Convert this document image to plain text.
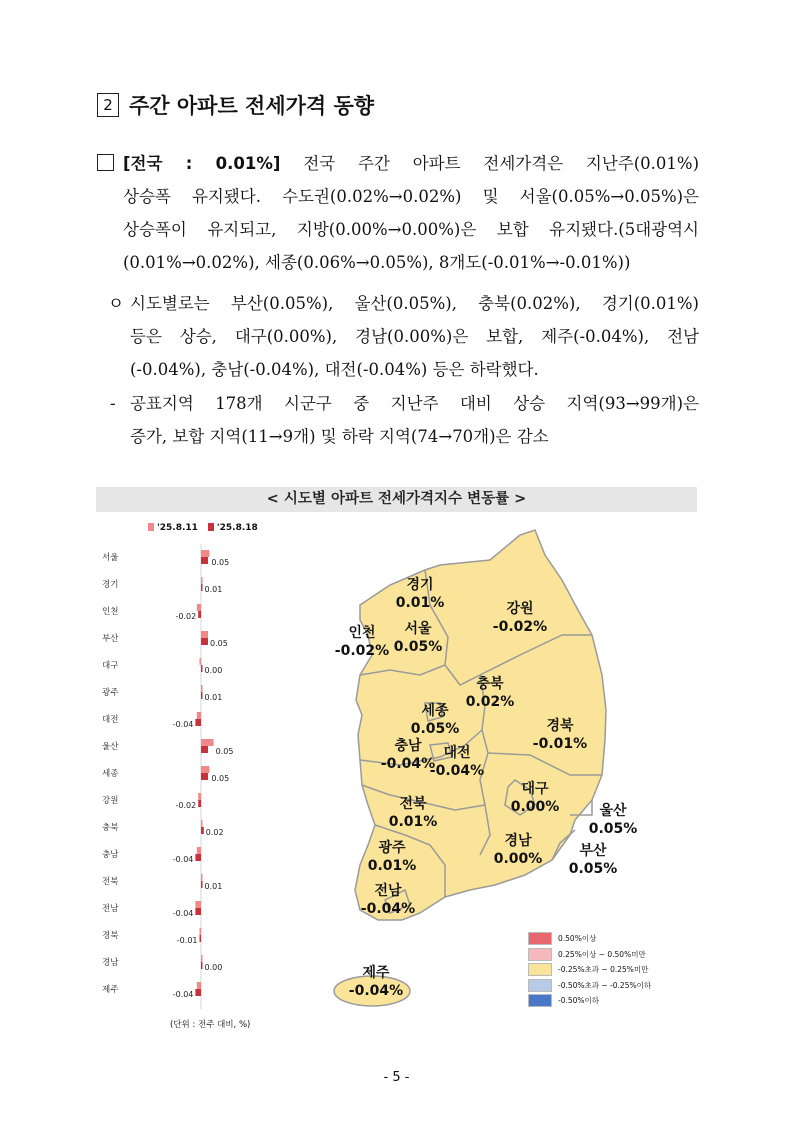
2 주간 아파트 전세가격 동향
[전국 : 0.01%] 전국 주간 아파트 전세가격은 지난주(0.01%)
상승폭 유지됐다. 수도권(0.02%→0.02%) 및 서울(0.05%→0.05%)은
상승폭이 유지되고, 지방(0.00%→0.00%)은 보합 유지됐다.(5대광역시
(0.01%→0.02%), 세종(0.06%→0.05%), 8개도(-0.01%→-0.01%))
ㅇ 시도별로는 부산(0.05%), 울산(0.05%), 충북(0.02%), 경기(0.01%)
등은 상승, 대구(0.00%), 경남(0.00%)은 보합, 제주(-0.04%), 전남
(-0.04%), 충남(-0.04%), 대전(-0.04%) 등은 하락했다.
- 공표지역 178개 시군구 중 지난주 대비 상승 지역(93→99개)은
증가, 보합 지역(11→9개) 및 하락 지역(74→70개)은 감소
< 시도별 아파트 전세가격지수 변동률 >
'25.8.11	'25.8.18
서울	0.05
경기	0.01
인천	-0.02
부산	0.05
대구	0.00
광주	0.01
대전	-0.04
울산	0.05
세종	0.05
강원	-0.02
충북	0.02
충남	-0.04
전북	0.01
전남	-0.04
경북	-0.01
경남	0.00
제주	-0.04
(단위 : 전주 대비, %)
경기
0.01%	강원
-0.02%
인천
-0.02%
서울
0.05%
충북
0.02%
세종
0.05%	경북
-0.01%
충남
-0.04%
대전
-0.04%
대구
0.00%
전북
0.01%
울산
0.05%
경남
0.00%
광주
0.01%
부산
0.05%
전남
-0.04%
제주
-0.04%
0.50%이상
0.25%이상 ~ 0.50%미만
-0.25%초과 ~ 0.25%미만
-0.50%초과 ~ -0.25%이하
-0.50%이하
- 5 -
